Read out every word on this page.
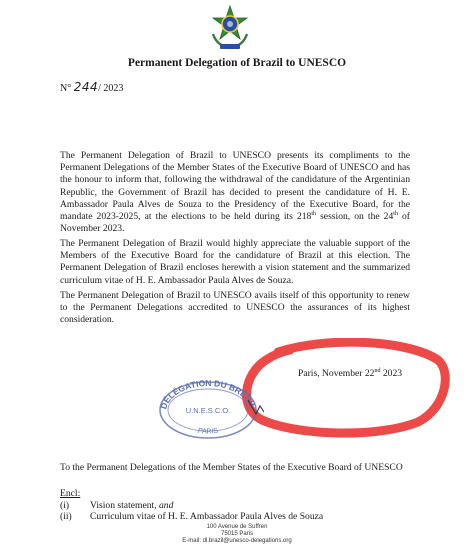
Permanent Delegation of Brazil to UNESCO
N° 244/ 2023
The Permanent Delegation of Brazil to UNESCO presents its compliments to the Permanent Delegations of the Member States of the Executive Board of UNESCO and has the honour to inform that, following the withdrawal of the candidature of the Argentinian Republic, the Government of Brazil has decided to present the candidature of H. E. Ambassador Paula Alves de Souza to the Presidency of the Executive Board, for the mandate 2023-2025, at the elections to be held during its 218th session, on the 24th of November 2023.
The Permanent Delegation of Brazil would highly appreciate the valuable support of the Members of the Executive Board for the candidature of Brazil at this election. The Permanent Delegation of Brazil encloses herewith a vision statement and the summarized curriculum vitae of H. E. Ambassador Paula Alves de Souza.
The Permanent Delegation of Brazil to UNESCO avails itself of this opportunity to renew to the Permanent Delegations accredited to UNESCO the assurances of its highest consideration.
Paris, November 22nd 2023
DÉLÉGATION DU BRÉSIL
U.N.E.S.C.O.
PARIS
To the Permanent Delegations of the Member States of the Executive Board of UNESCO
Encl:
(i) Vision statement, and
(ii) Curriculum vitae of H. E. Ambassador Paula Alves de Souza
100 Avenue de Suffren
75015 Paris
E-mail: dl.brazil@unesco-delegations.org
